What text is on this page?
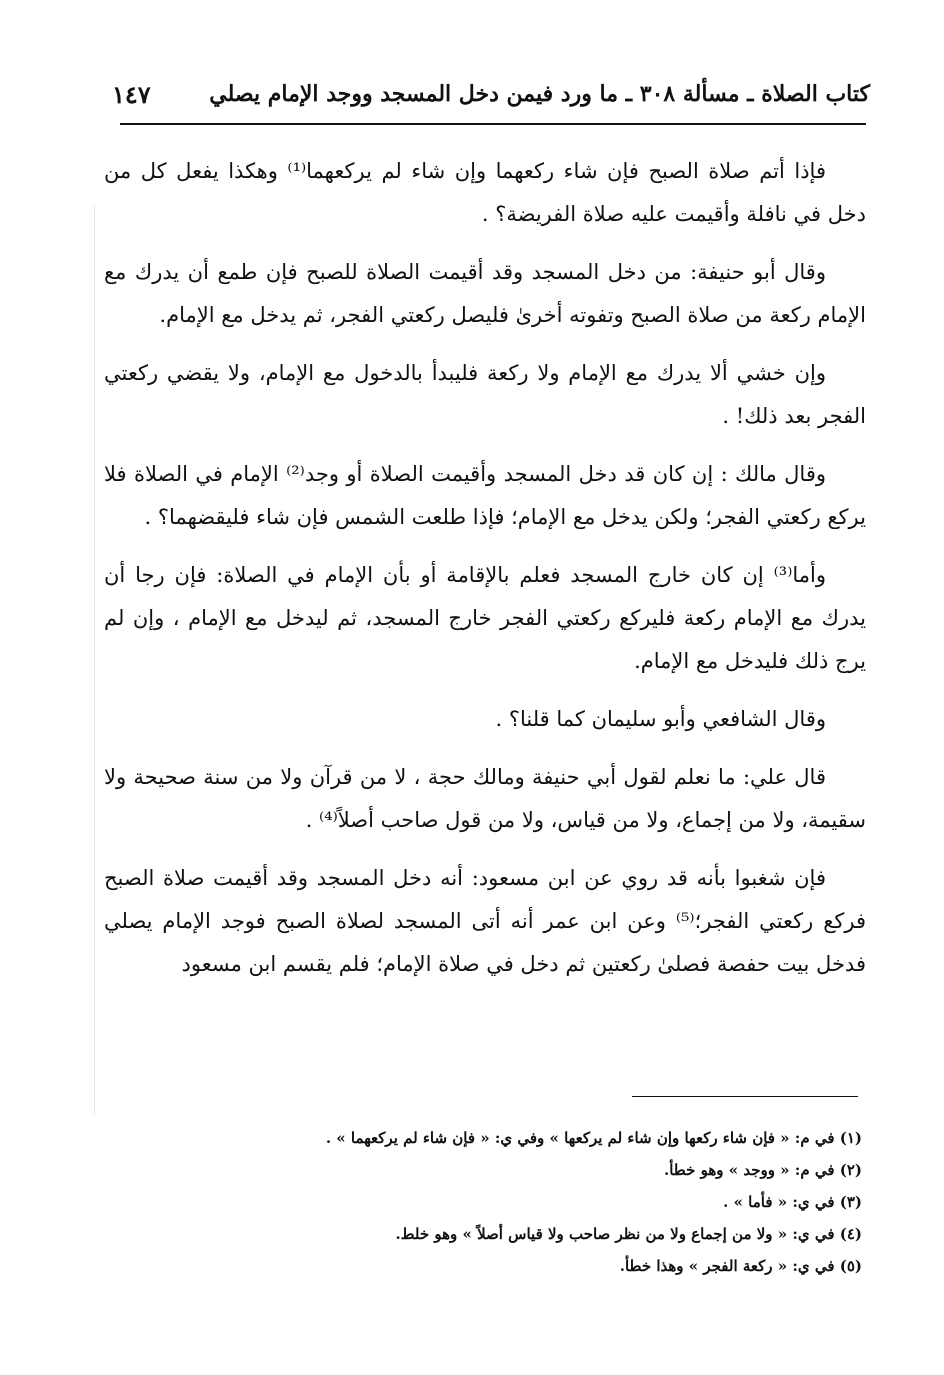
كتاب الصلاة ـ مسألة ٣٠٨ ـ ما ورد فيمن دخل المسجد ووجد الإمام يصلي
١٤٧

فإذا أتم صلاة الصبح فإن شاء ركعهما وإن شاء لم يركعهما⁽¹⁾ وهكذا يفعل كل من دخل في نافلة وأقيمت عليه صلاة الفريضة؟ .

وقال أبو حنيفة: من دخل المسجد وقد أقيمت الصلاة للصبح فإن طمع أن يدرك مع الإمام ركعة من صلاة الصبح وتفوته أخرىٰ فليصل ركعتي الفجر، ثم يدخل مع الإمام.

وإن خشي ألا يدرك مع الإمام ولا ركعة فليبدأ بالدخول مع الإمام، ولا يقضي ركعتي الفجر بعد ذلك! .

وقال مالك : إن كان قد دخل المسجد وأقيمت الصلاة أو وجد⁽²⁾ الإمام في الصلاة فلا يركع ركعتي الفجر؛ ولكن يدخل مع الإمام؛ فإذا طلعت الشمس فإن شاء فليقضهما؟ .

وأما⁽³⁾ إن كان خارج المسجد فعلم بالإقامة أو بأن الإمام في الصلاة: فإن رجا أن يدرك مع الإمام ركعة فليركع ركعتي الفجر خارج المسجد، ثم ليدخل مع الإمام ، وإن لم يرج ذلك فليدخل مع الإمام.

وقال الشافعي وأبو سليمان كما قلنا؟ .

قال علي: ما نعلم لقول أبي حنيفة ومالك حجة ، لا من قرآن ولا من سنة صحيحة ولا سقيمة، ولا من إجماع، ولا من قياس، ولا من قول صاحب أصلاً⁽⁴⁾ .

فإن شغبوا بأنه قد روي عن ابن مسعود: أنه دخل المسجد وقد أقيمت صلاة الصبح فركع ركعتي الفجر؛⁽⁵⁾ وعن ابن عمر أنه أتى المسجد لصلاة الصبح فوجد الإمام يصلي فدخل بيت حفصة فصلىٰ ركعتين ثم دخل في صلاة الإمام؛ فلم يقسم ابن مسعود

(١) في م: « فإن شاء ركعها وإن شاء لم يركعها » وفي ي: « فإن شاء لم يركعهما » .

(٢) في م: « ووجد » وهو خطأ.

(٣) في ي: « فأما » .

(٤) في ي: « ولا من إجماع ولا من نظر صاحب ولا قياس أصلاً » وهو خلط.

(٥) في ي: « ركعة الفجر » وهذا خطأ.
